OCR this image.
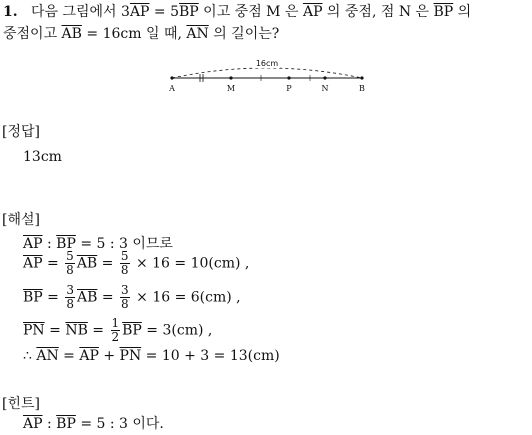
1. 다음 그림에서 $3\overline{AP} = 5\overline{BP}$ 이고 중점 M 은 $\overline{AP}$ 의 중점, 점 N 은 $\overline{BP}$ 의
중점이고 $\overline{AB} = 16cm$ 일 때, $\overline{AN}$ 의 길이는?
16cm
A	M	P	N	B
[정답]
13cm
[해설]
$\overline{AP}$ : $\overline{BP} = 5$ : 3 이므로
$\overline{AP} = \frac{5}{8} \overline{AB} = \frac{5}{8} \times 16 = 10(cm)$ ,
$\overline{BP} = \frac{3}{8} \overline{AB} = \frac{3}{8} \times 16 = 6(cm)$ ,
$\overline{PN} = \overline{NB} = \frac{1}{2} \overline{BP} = 3(cm)$ ,
∴ $\overline{AN} = \overline{AP} + \overline{PN} = 10 + 3 = 13(cm)$
[힌트]
$\overline{AP}$ : $\overline{BP} = 5$ : 3 이다.
